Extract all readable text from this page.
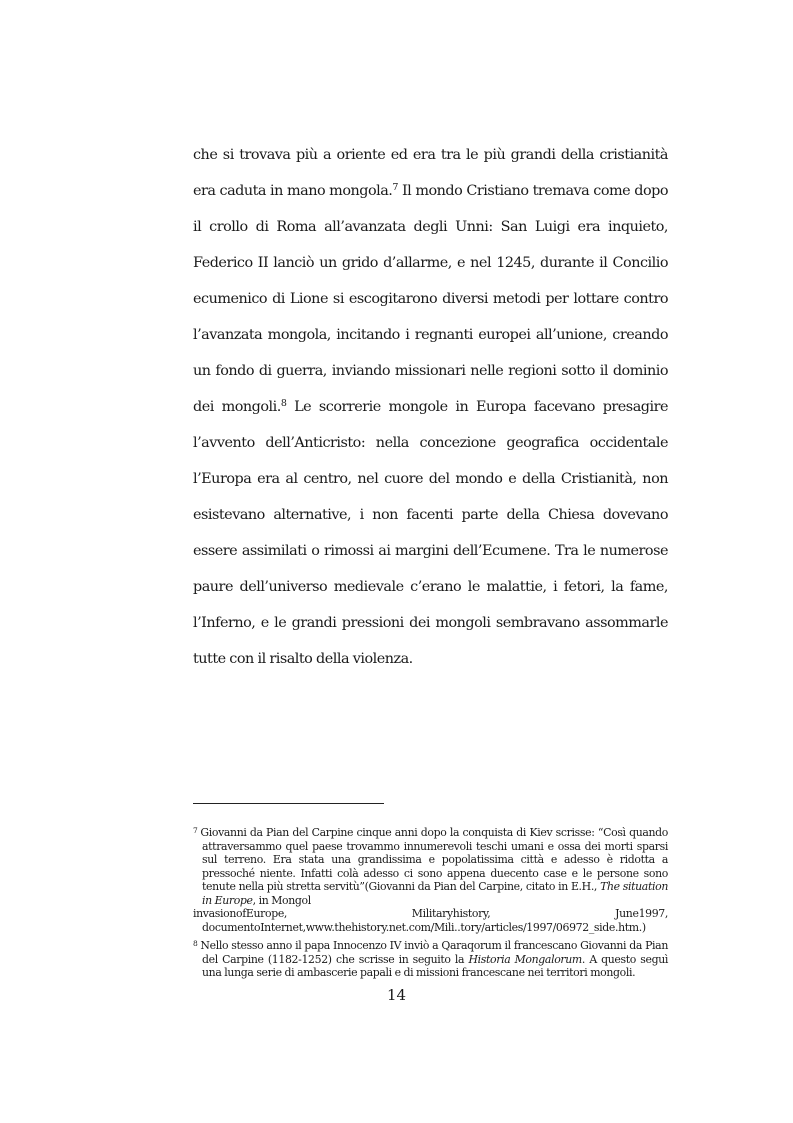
che si trovava più a oriente ed era tra le più grandi della cristianità era caduta in mano mongola.$^7$ Il mondo Cristiano tremava come dopo il crollo di Roma all’avanzata degli Unni: San Luigi era inquieto, Federico II lanciò un grido d’allarme, e nel 1245, durante il Concilio ecumenico di Lione si escogitarono diversi metodi per lottare contro l’avanzata mongola, incitando i regnanti europei all’unione, creando un fondo di guerra, inviando missionari nelle regioni sotto il dominio dei mongoli.$^8$ Le scorrerie mongole in Europa facevano presagire l’avvento dell’Anticristo: nella concezione geografica occidentale l’Europa era al centro, nel cuore del mondo e della Cristianità, non esistevano alternative, i non facenti parte della Chiesa dovevano essere assimilati o rimossi ai margini dell’Ecumene. Tra le numerose paure dell’universo medievale c’erano le malattie, i fetori, la fame, l’Inferno, e le grandi pressioni dei mongoli sembravano assommarle tutte con il risalto della violenza.

$^7$ Giovanni da Pian del Carpine cinque anni dopo la conquista di Kiev scrisse: “Così quando attraversammo quel paese trovammo innumerevoli teschi umani e ossa dei morti sparsi sul terreno. Era stata una grandissima e popolatissima città e adesso è ridotta a pressoché niente. Infatti colà adesso ci sono appena duecento case e le persone sono tenute nella più stretta servitù”(Giovanni da Pian del Carpine, citato in E.H., The situation in Europe, in Mongol

invasionofEurope,	Militaryhistory,	June1997,
documentoInternet,www.thehistory.net.com/Mili..tory/articles/1997/06972_side.htm.)

$^8$ Nello stesso anno il papa Innocenzo IV inviò a Qaraqorum il francescano Giovanni da Pian del Carpine (1182-1252) che scrisse in seguito la Historia Mongalorum. A questo seguì una lunga serie di ambascerie papali e di missioni francescane nei territori mongoli.

14
